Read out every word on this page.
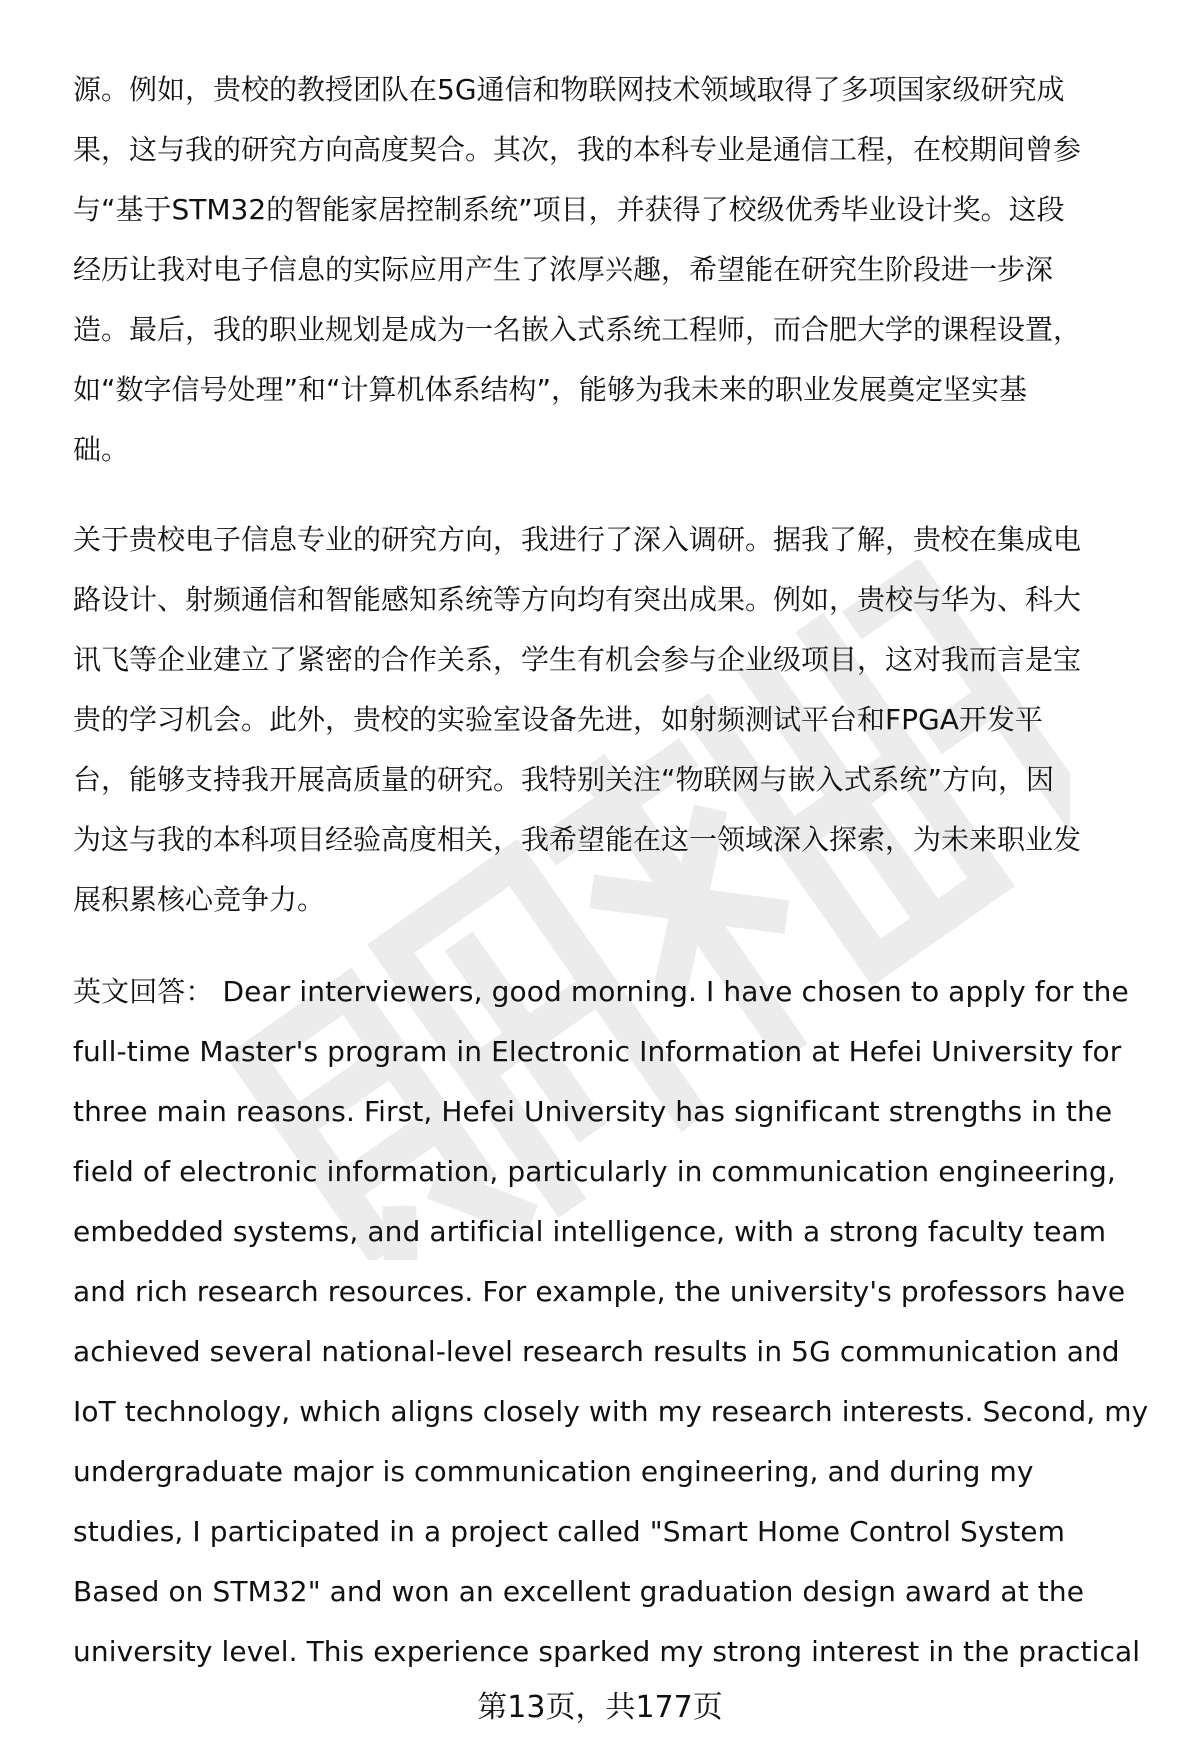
源。例如，贵校的教授团队在5G通信和物联网技术领域取得了多项国家级研究成
果，这与我的研究方向高度契合。其次，我的本科专业是通信工程，在校期间曾参
与“基于STM32的智能家居控制系统”项目，并获得了校级优秀毕业设计奖。这段
经历让我对电子信息的实际应用产生了浓厚兴趣，希望能在研究生阶段进一步深
造。最后，我的职业规划是成为一名嵌入式系统工程师，而合肥大学的课程设置，
如“数字信号处理”和“计算机体系结构”，能够为我未来的职业发展奠定坚实基
础。
关于贵校电子信息专业的研究方向，我进行了深入调研。据我了解，贵校在集成电
路设计、射频通信和智能感知系统等方向均有突出成果。例如，贵校与华为、科大
讯飞等企业建立了紧密的合作关系，学生有机会参与企业级项目，这对我而言是宝
贵的学习机会。此外，贵校的实验室设备先进，如射频测试平台和FPGA开发平
台，能够支持我开展高质量的研究。我特别关注“物联网与嵌入式系统”方向，因
为这与我的本科项目经验高度相关，我希望能在这一领域深入探索，为未来职业发
展积累核心竞争力。
英文回答： Dear interviewers, good morning. I have chosen to apply for the
full-time Master's program in Electronic Information at Hefei University for
three main reasons. First, Hefei University has significant strengths in the
field of electronic information, particularly in communication engineering,
embedded systems, and artificial intelligence, with a strong faculty team
and rich research resources. For example, the university's professors have
achieved several national-level research results in 5G communication and
IoT technology, which aligns closely with my research interests. Second, my
undergraduate major is communication engineering, and during my
studies, I participated in a project called "Smart Home Control System
Based on STM32" and won an excellent graduation design award at the
university level. This experience sparked my strong interest in the practical
第13页，共177页
